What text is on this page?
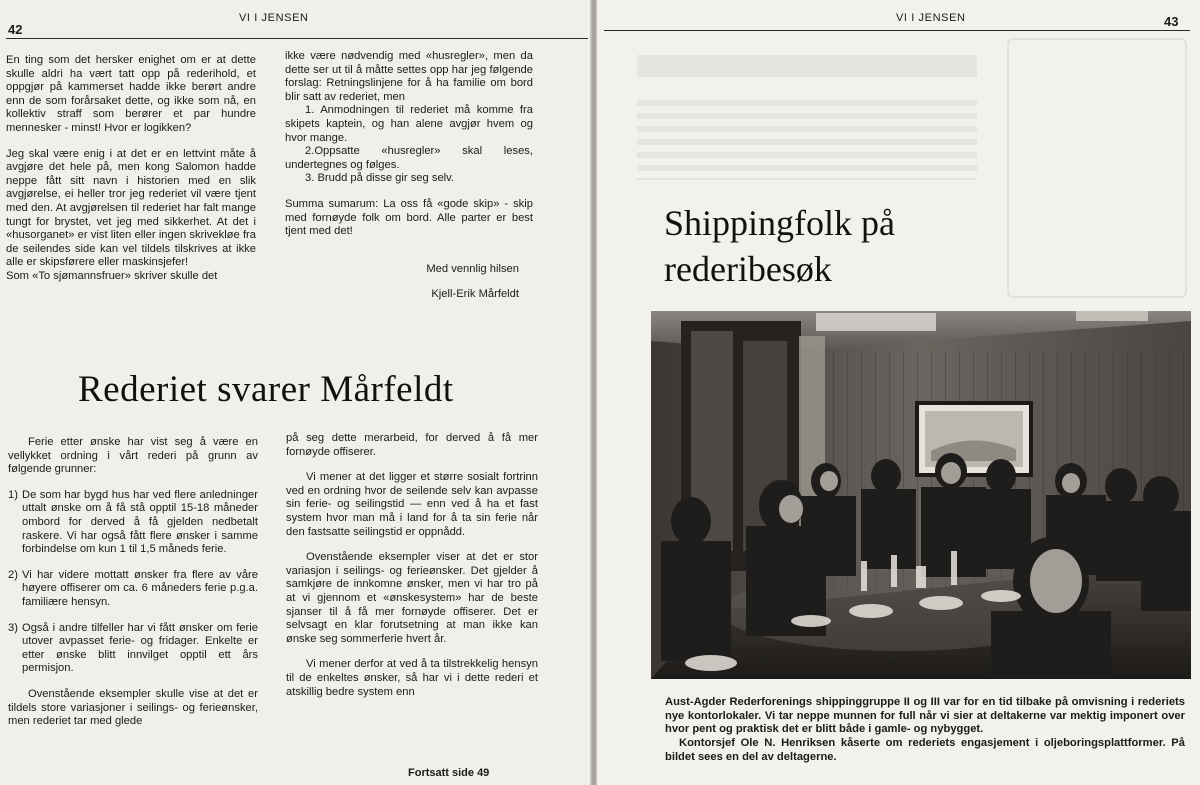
42
VI I JENSEN

En ting som det hersker enighet om er at dette skulle aldri ha vært tatt opp på rederihold, et oppgjør på kammerset hadde ikke berørt andre enn de som forårsaket dette, og ikke som nå, en kollektiv straff som berører et par hundre mennesker - minst! Hvor er logikken?

Jeg skal være enig i at det er en lettvint måte å avgjøre det hele på, men kong Salomon hadde neppe fått sitt navn i historien med en slik avgjørelse, ei heller tror jeg rederiet vil være tjent med den. At avgjørelsen til rederiet har falt mange tungt for brystet, vet jeg med sikkerhet. At det i «husorganet» er vist liten eller ingen skrivekløe fra de seilendes side kan vel tildels tilskrives at ikke alle er skipsførere eller maskinsjefer!

Som «To sjømannsfruer» skriver skulle det

ikke være nødvendig med «husregler», men da dette ser ut til å måtte settes opp har jeg følgende forslag: Retningslinjene for å ha familie om bord blir satt av rederiet, men

1. Anmodningen til rederiet må komme fra skipets kaptein, og han alene avgjør hvem og hvor mange.

2.Oppsatte «husregler» skal leses, undertegnes og følges.

3. Brudd på disse gir seg selv.

Summa sumarum: La oss få «gode skip» - skip med fornøyde folk om bord. Alle parter er best tjent med det!

Med vennlig hilsen

Kjell-Erik Mårfeldt

Rederiet svarer Mårfeldt

Ferie etter ønske har vist seg å være en vellykket ordning i vårt rederi på grunn av følgende grunner:

1) De som har bygd hus har ved flere anledninger uttalt ønske om å få stå opptil 15-18 måneder ombord for derved å få gjelden nedbetalt raskere. Vi har også fått flere ønsker i samme forbindelse om kun 1 til 1,5 måneds ferie.
2) Vi har videre mottatt ønsker fra flere av våre høyere offiserer om ca. 6 måneders ferie p.g.a. familiære hensyn.
3) Også i andre tilfeller har vi fått ønsker om ferie utover avpasset ferie- og fridager. Enkelte er etter ønske blitt innvilget opptil ett års permisjon.

Ovenstående eksempler skulle vise at det er tildels store variasjoner i seilings- og ferieønsker, men rederiet tar med glede

på seg dette merarbeid, for derved å få mer fornøyde offiserer.

Vi mener at det ligger et større sosialt fortrinn ved en ordning hvor de seilende selv kan avpasse sin ferie- og seilingstid — enn ved å ha et fast system hvor man må i land for å ta sin ferie når den fastsatte seilingstid er oppnådd.

Ovenstående eksempler viser at det er stor variasjon i seilings- og ferieønsker. Det gjelder å samkjøre de innkomne ønsker, men vi har tro på at vi gjennom et «ønskesystem» har de beste sjanser til å få mer fornøyde offiserer. Det er selvsagt en klar forutsetning at man ikke kan ønske seg sommerferie hvert år.

Vi mener derfor at ved å ta tilstrekkelig hensyn til de enkeltes ønsker, så har vi i dette rederi et atskillig bedre system enn

Fortsatt side 49
VI I JENSEN	43
Shippingfolk på
rederibesøk

Aust-Agder Rederforenings shippinggruppe II og III var for en tid tilbake på omvisning i rederiets nye kontorlokaler. Vi tar neppe munnen for full når vi sier at deltakerne var mektig imponert over hvor pent og praktisk det er blitt både i gamle- og nybygget.

Kontorsjef Ole N. Henriksen kåserte om rederiets engasjement i oljeboringsplattformer. På bildet sees en del av deltagerne.
